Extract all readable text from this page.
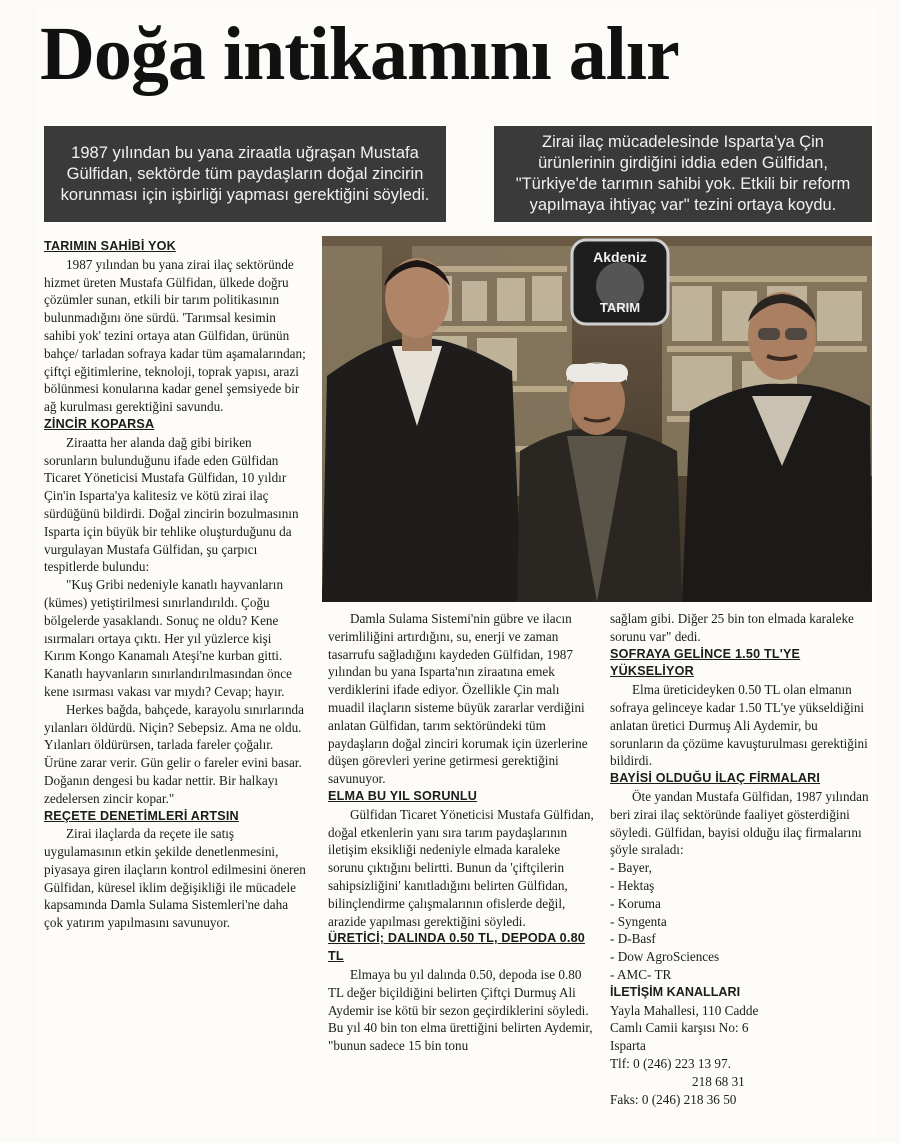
Doğa intikamını alır
1987 yılından bu yana ziraatla uğraşan Mustafa Gülfidan, sektörde tüm paydaşların doğal zincirin korunması için işbirliği yapması gerektiğini söyledi.
Zirai ilaç mücadelesinde Isparta'ya Çin ürünlerinin girdiğini iddia eden Gülfidan, "Türkiye'de tarımın sahibi yok. Etkili bir reform yapılmaya ihtiyaç var" tezini ortaya koydu.

TARIMIN SAHİBİ YOK

1987 yılından bu yana zirai ilaç sektöründe hizmet üreten Mustafa Gülfidan, ülkede doğru çözümler sunan, etkili bir tarım politikasının bulunmadığını öne sürdü. 'Tarımsal kesimin sahibi yok' tezini ortaya atan Gülfidan, ürünün bahçe/ tarladan sofraya kadar tüm aşamalarından; çiftçi eğitimlerine, teknoloji, toprak yapısı, arazi bölünmesi konularına kadar genel şemsiyede bir ağ kurulması gerektiğini savundu.

ZİNCİR KOPARSA

Ziraatta her alanda dağ gibi biriken sorunların bulunduğunu ifade eden Gülfidan Ticaret Yöneticisi Mustafa Gülfidan, 10 yıldır Çin'in Isparta'ya kalitesiz ve kötü zirai ilaç sürdüğünü bildirdi. Doğal zincirin bozulmasının Isparta için büyük bir tehlike oluşturduğunu da vurgulayan Mustafa Gülfidan, şu çarpıcı tespitlerde bulundu:

"Kuş Gribi nedeniyle kanatlı hayvanların (kümes) yetiştirilmesi sınırlandırıldı. Çoğu bölgelerde yasaklandı. Sonuç ne oldu? Kene ısırmaları ortaya çıktı. Her yıl yüzlerce kişi Kırım Kongo Kanamalı Ateşi'ne kurban gitti. Kanatlı hayvanların sınırlandırılmasından önce kene ısırması vakası var mıydı? Cevap; hayır.

Herkes bağda, bahçede, karayolu sınırlarında yılanları öldürdü. Niçin? Sebepsiz. Ama ne oldu. Yılanları öldürürsen, tarlada fareler çoğalır. Ürüne zarar verir. Gün gelir o fareler evini basar. Doğanın dengesi bu kadar nettir. Bir halkayı zedelersen zincir kopar."

REÇETE DENETİMLERİ ARTSIN

Zirai ilaçlarda da reçete ile satış uygulamasının etkin şekilde denetlenmesini, piyasaya giren ilaçların kontrol edilmesini öneren Gülfidan, küresel iklim değişikliği ile mücadele kapsamında Damla Sulama Sistemleri'ne daha çok yatırım yapılmasını savunuyor.

Akdeniz
TARIM

Damla Sulama Sistemi'nin gübre ve ilacın verimliliğini artırdığını, su, enerji ve zaman tasarrufu sağladığını kaydeden Gülfidan, 1987 yılından bu yana Isparta'nın ziraatına emek verdiklerini ifade ediyor. Özellikle Çin malı muadil ilaçların sisteme büyük zararlar verdiğini anlatan Gülfidan, tarım sektöründeki tüm paydaşların doğal zinciri korumak için üzerlerine düşen görevleri yerine getirmesi gerektiğini savunuyor.

ELMA BU YIL SORUNLU

Gülfidan Ticaret Yöneticisi Mustafa Gülfidan, doğal etkenlerin yanı sıra tarım paydaşlarının iletişim eksikliği nedeniyle elmada karaleke sorunu çıktığını belirtti. Bunun da 'çiftçilerin sahipsizliğini' kanıtladığını belirten Gülfidan, bilinçlendirme çalışmalarının ofislerde değil, arazide yapılması gerektiğini söyledi.

ÜRETİCİ; DALINDA 0.50 TL, DEPODA 0.80 TL

Elmaya bu yıl dalında 0.50, depoda ise 0.80 TL değer biçildiğini belirten Çiftçi Durmuş Ali Aydemir ise kötü bir sezon geçirdiklerini söyledi. Bu yıl 40 bin ton elma ürettiğini belirten Aydemir, "bunun sadece 15 bin tonu

sağlam gibi. Diğer 25 bin ton elmada karaleke sorunu var" dedi.

SOFRAYA GELİNCE 1.50 TL'YE YÜKSELİYOR

Elma üreticideyken 0.50 TL olan elmanın sofraya gelinceye kadar 1.50 TL'ye yükseldiğini anlatan üretici Durmuş Ali Aydemir, bu sorunların da çözüme kavuşturulması gerektiğini bildirdi.

BAYİSİ OLDUĞU İLAÇ FİRMALARI

Öte yandan Mustafa Gülfidan, 1987 yılından beri zirai ilaç sektöründe faaliyet gösterdiğini söyledi. Gülfidan, bayisi olduğu ilaç firmalarını şöyle sıraladı:

- Bayer,
- Hektaş
- Koruma
- Syngenta
- D-Basf
- Dow AgroSciences
- AMC- TR

İLETİŞİM KANALLARI

Yayla Mahallesi, 110 Cadde

Camlı Camii karşısı No: 6

Isparta

Tlf: 0 (246) 223 13 97.

218 68 31

Faks: 0 (246) 218 36 50
